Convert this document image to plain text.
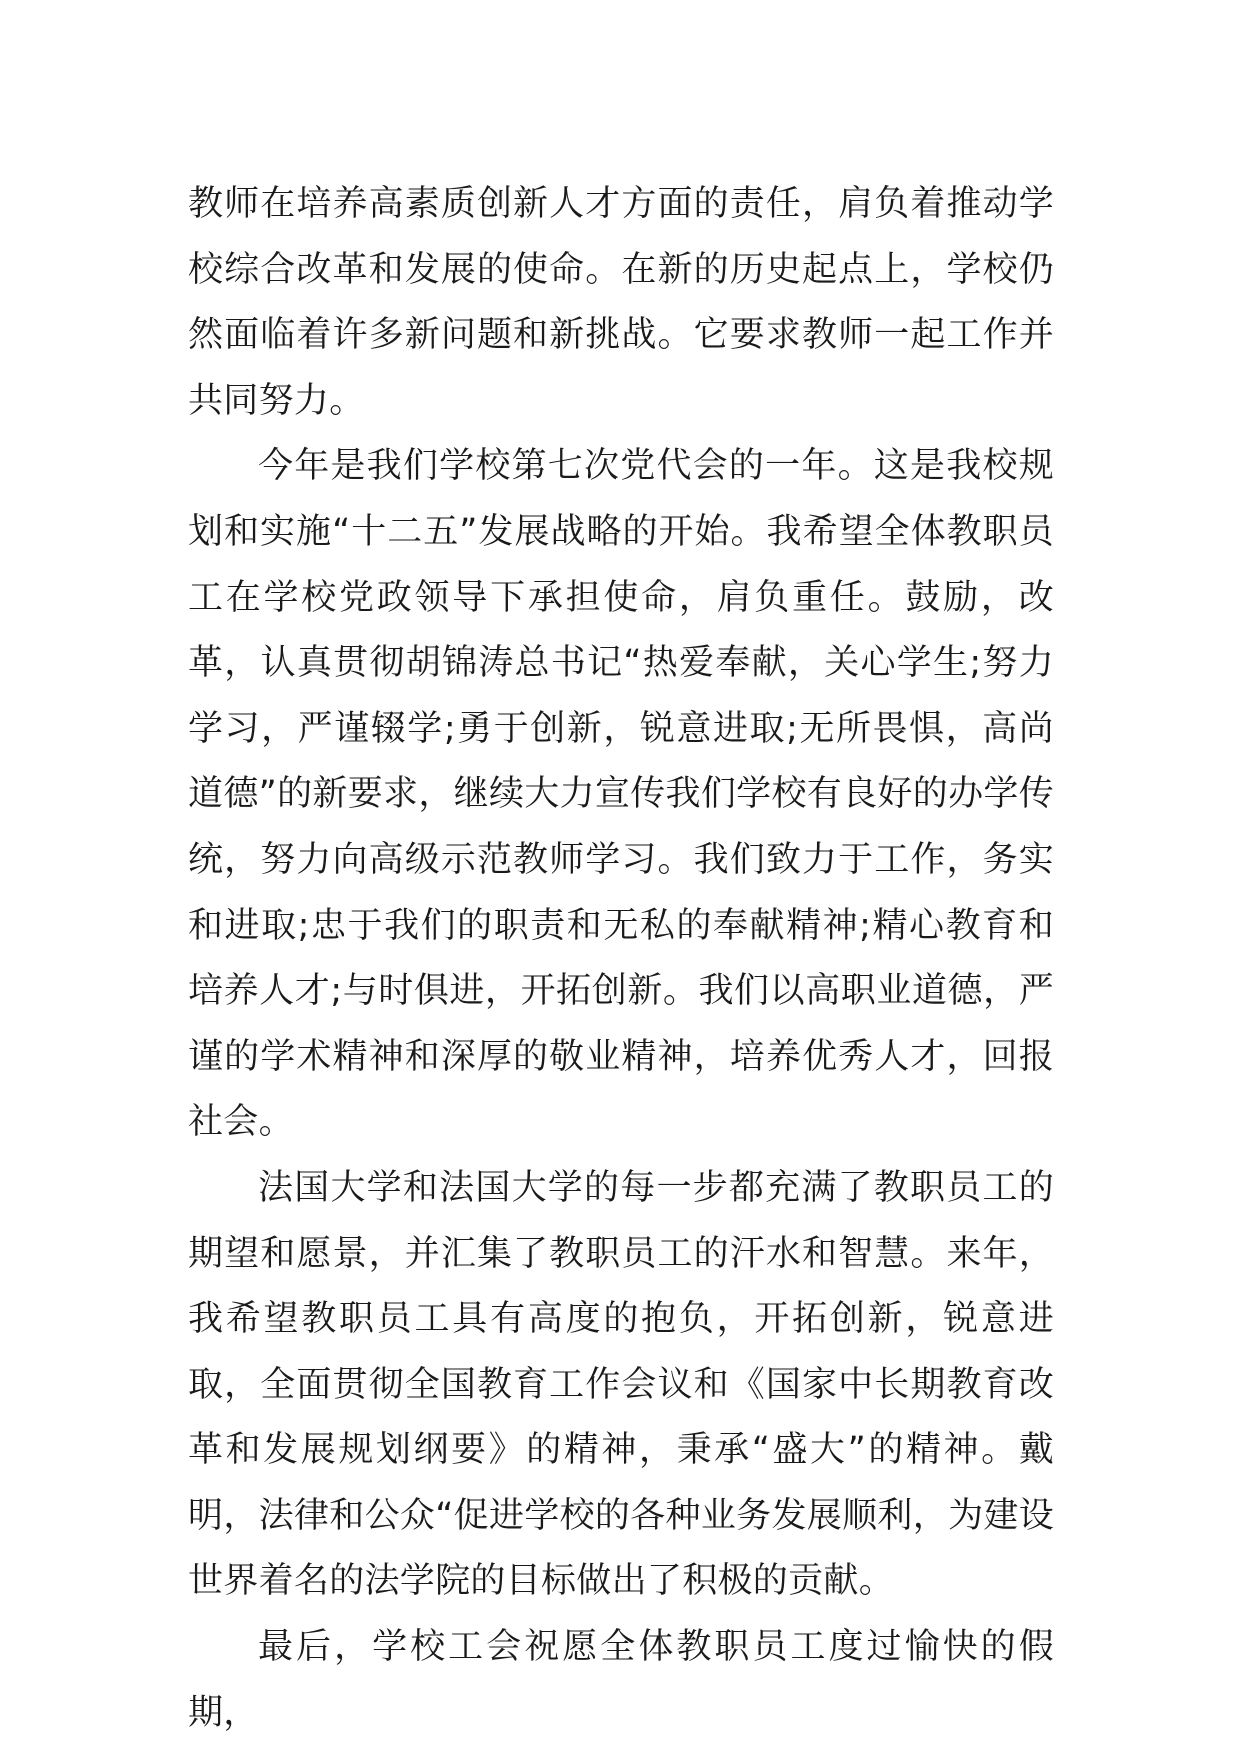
教师在培养高素质创新人才方面的责任，肩负着推动学校综合改革和发展的使命。在新的历史起点上，学校仍然面临着许多新问题和新挑战。它要求教师一起工作并共同努力。

今年是我们学校第七次党代会的一年。这是我校规划和实施“十二五”发展战略的开始。我希望全体教职员工在学校党政领导下承担使命，肩负重任。鼓励，改革，认真贯彻胡锦涛总书记“热爱奉献，关心学生;努力学习，严谨辍学;勇于创新，锐意进取;无所畏惧，高尚道德”的新要求，继续大力宣传我们学校有良好的办学传统，努力向高级示范教师学习。我们致力于工作，务实和进取;忠于我们的职责和无私的奉献精神;精心教育和培养人才;与时俱进，开拓创新。我们以高职业道德，严谨的学术精神和深厚的敬业精神，培养优秀人才，回报社会。

法国大学和法国大学的每一步都充满了教职员工的期望和愿景，并汇集了教职员工的汗水和智慧。来年，我希望教职员工具有高度的抱负，开拓创新，锐意进取，全面贯彻全国教育工作会议和《国家中长期教育改革和发展规划纲要》的精神，秉承“盛大”的精神。戴明，法律和公众“促进学校的各种业务发展顺利，为建设世界着名的法学院的目标做出了积极的贡献。

最后，学校工会祝愿全体教职员工度过愉快的假期，
